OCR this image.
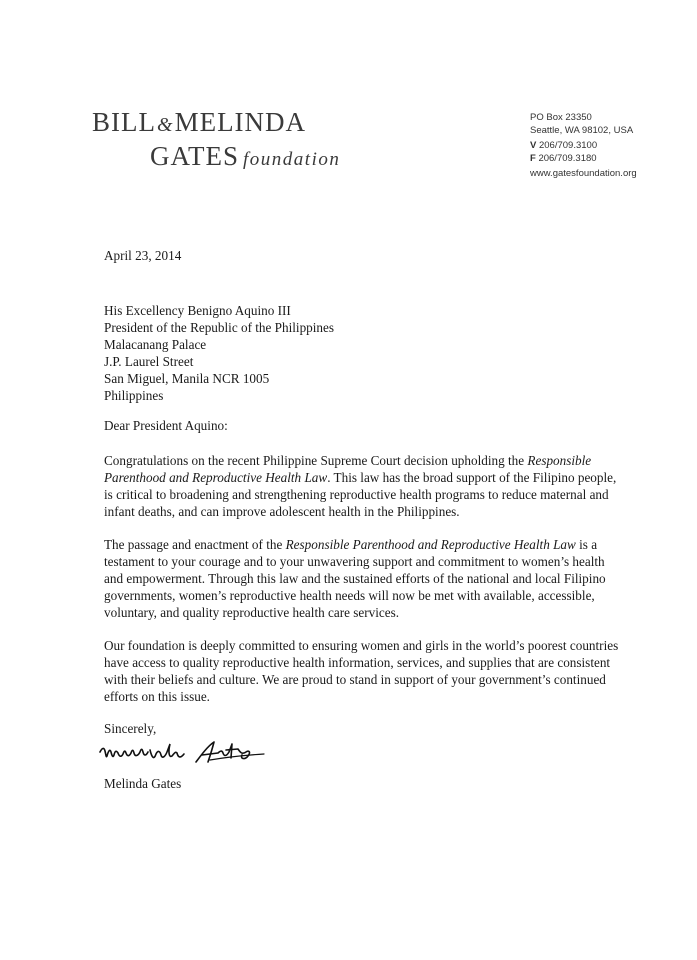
BILL&MELINDA
GATES foundation
PO Box 23350
Seattle, WA 98102, USA
V 206/709.3100
F 206/709.3180
www.gatesfoundation.org
April 23, 2014
His Excellency Benigno Aquino III
President of the Republic of the Philippines
Malacanang Palace
J.P. Laurel Street
San Miguel, Manila NCR 1005
Philippines
Dear President Aquino:

Congratulations on the recent Philippine Supreme Court decision upholding the Responsible Parenthood and Reproductive Health Law. This law has the broad support of the Filipino people, is critical to broadening and strengthening reproductive health programs to reduce maternal and infant deaths, and can improve adolescent health in the Philippines.

The passage and enactment of the Responsible Parenthood and Reproductive Health Law is a testament to your courage and to your unwavering support and commitment to women’s health and empowerment. Through this law and the sustained efforts of the national and local Filipino governments, women’s reproductive health needs will now be met with available, accessible, voluntary, and quality reproductive health care services.

Our foundation is deeply committed to ensuring women and girls in the world’s poorest countries have access to quality reproductive health information, services, and supplies that are consistent with their beliefs and culture. We are proud to stand in support of your government’s continued efforts on this issue.

Sincerely,
Melinda Gates
